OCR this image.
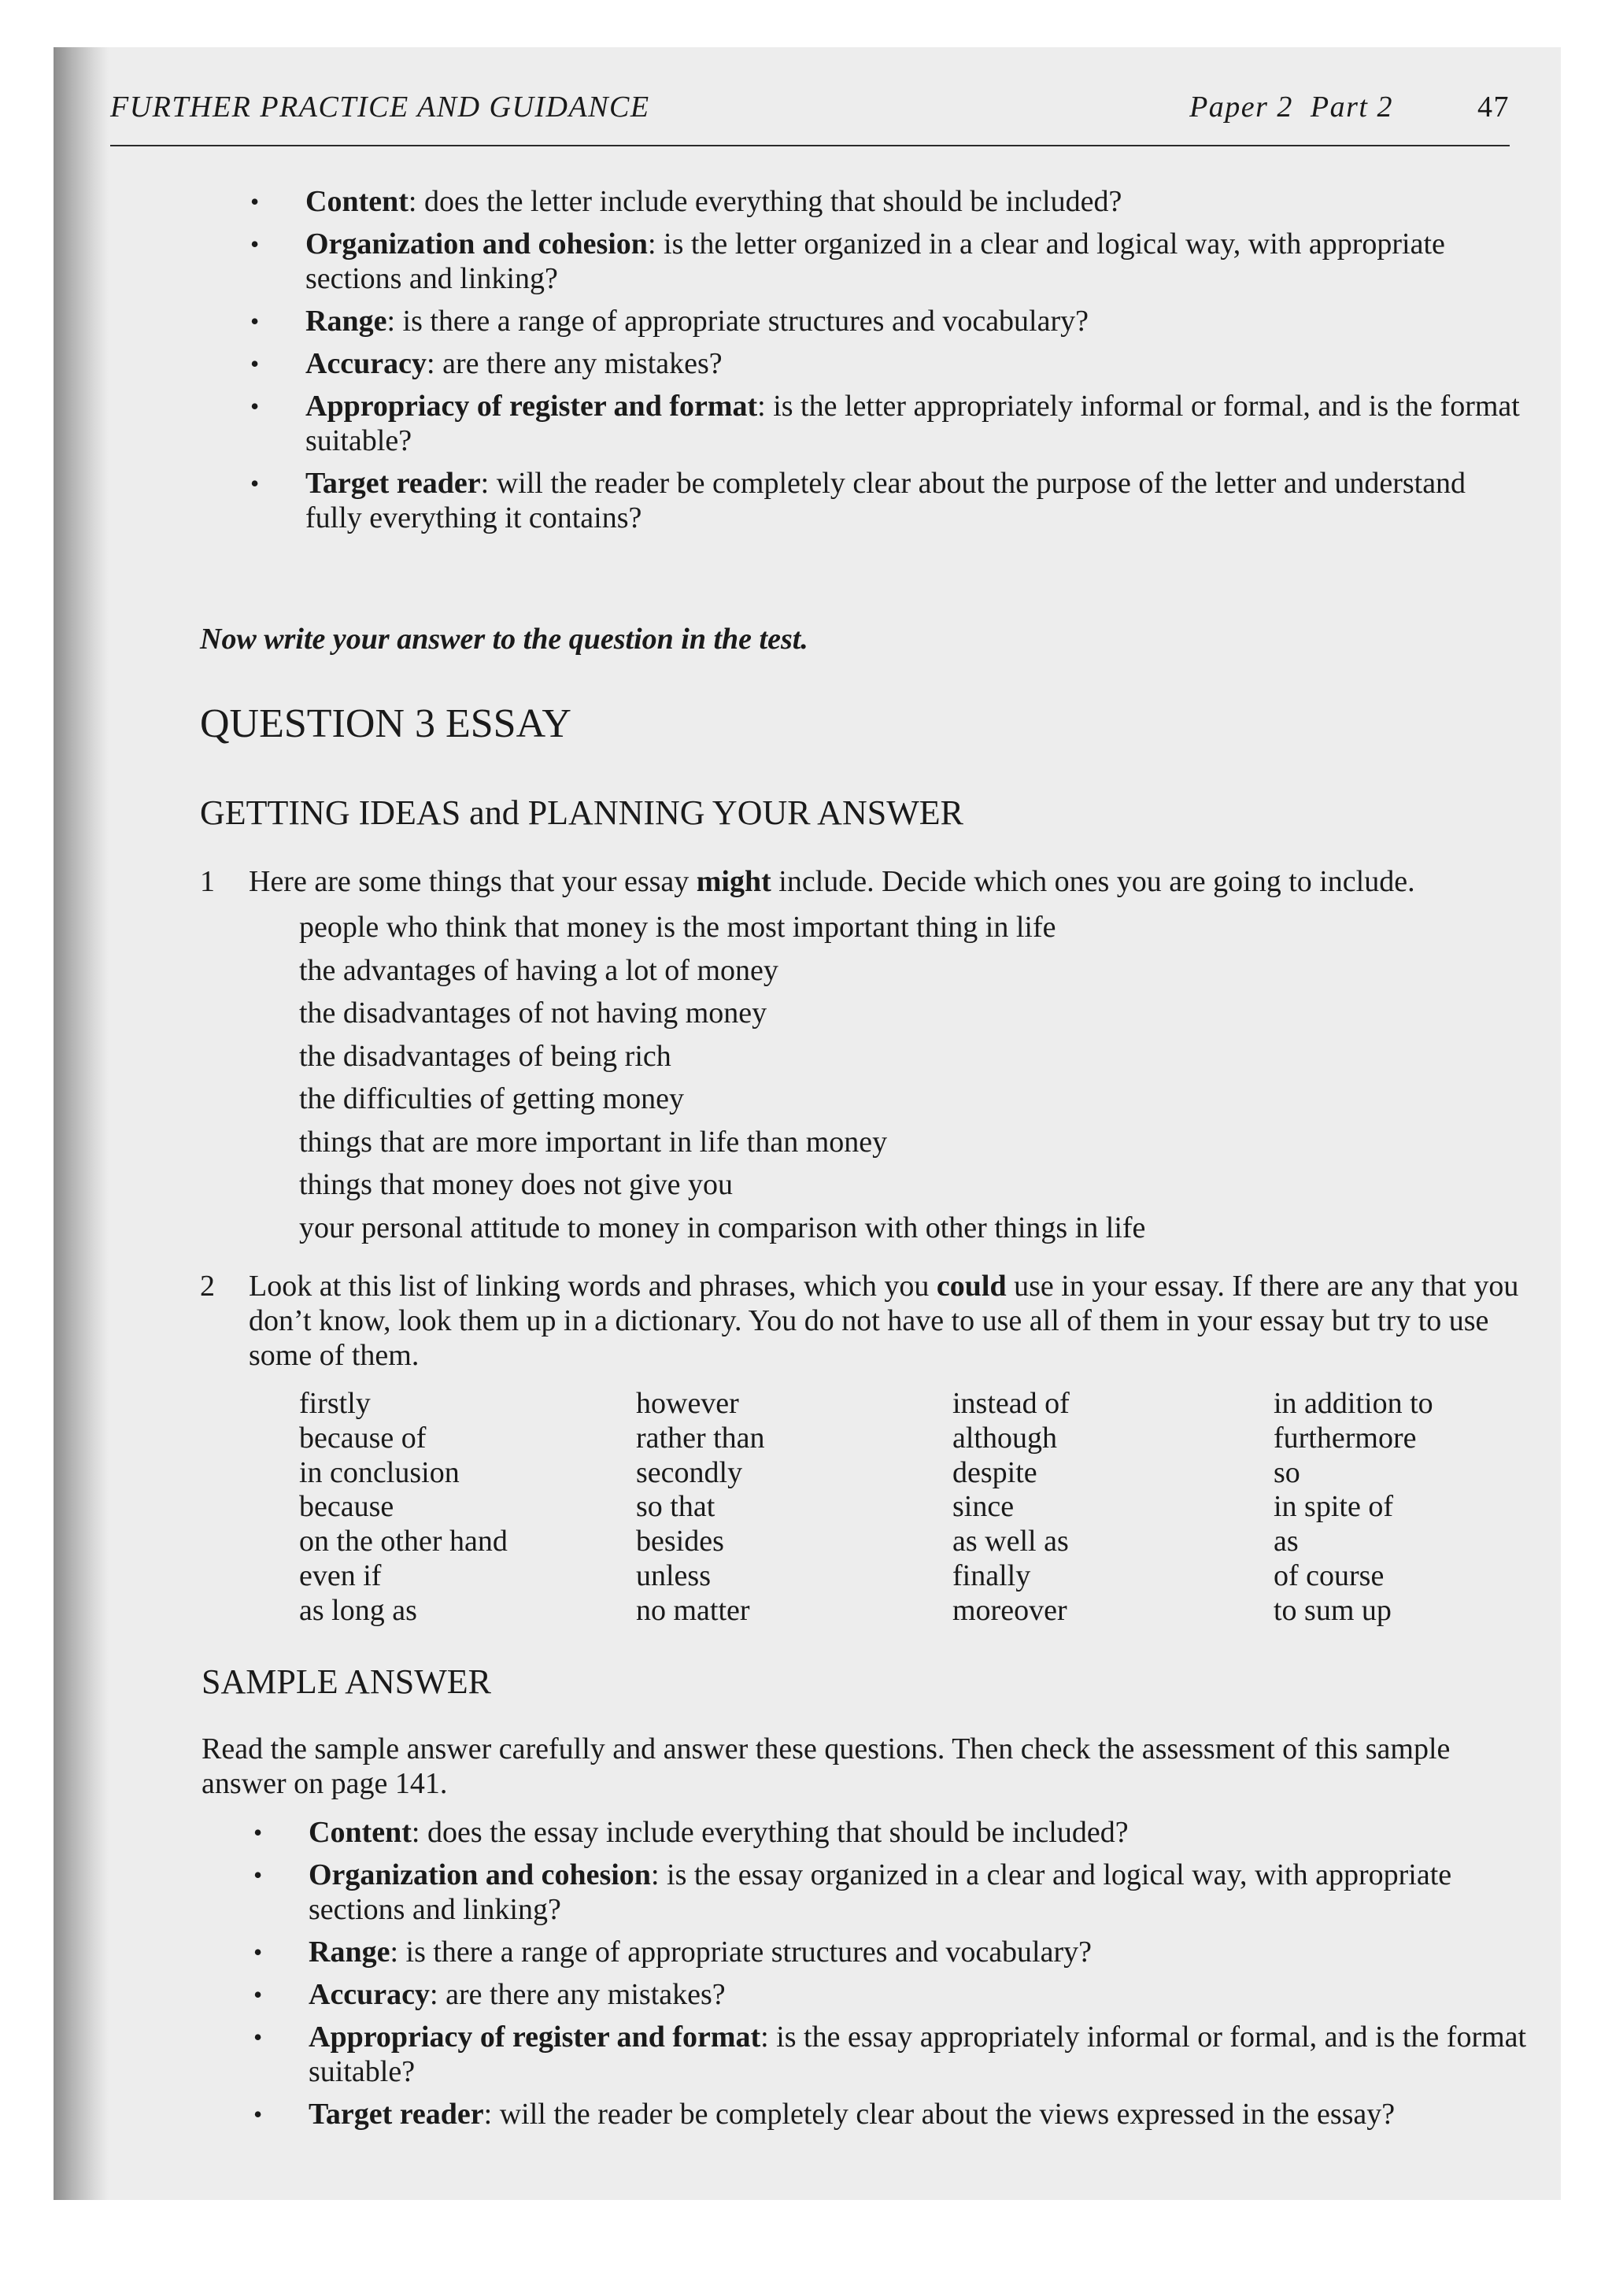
FURTHER PRACTICE AND GUIDANCE	Paper 2  Part 2	47
• Content: does the letter include everything that should be included?
• Organization and cohesion: is the letter organized in a clear and logical way, with appropriate sections and linking?
• Range: is there a range of appropriate structures and vocabulary?
• Accuracy: are there any mistakes?
• Appropriacy of register and format: is the letter appropriately informal or formal, and is the format suitable?
• Target reader: will the reader be completely clear about the purpose of the letter and understand fully everything it contains?
Now write your answer to the question in the test.
QUESTION 3 ESSAY
GETTING IDEAS and PLANNING YOUR ANSWER
1 Here are some things that your essay might include. Decide which ones you are going to include.
people who think that money is the most important thing in life
the advantages of having a lot of money
the disadvantages of not having money
the disadvantages of being rich
the difficulties of getting money
things that are more important in life than money
things that money does not give you
your personal attitude to money in comparison with other things in life
2 Look at this list of linking words and phrases, which you could use in your essay. If there are any that you don’t know, look them up in a dictionary. You do not have to use all of them in your essay but try to use some of them.
firstly
because of
in conclusion
because
on the other hand
even if
as long as
however
rather than
secondly
so that
besides
unless
no matter
instead of
although
despite
since
as well as
finally
moreover
in addition to
furthermore
so
in spite of
as
of course
to sum up
SAMPLE ANSWER

Read the sample answer carefully and answer these questions. Then check the assessment of this sample answer on page 141.

• Content: does the essay include everything that should be included?
• Organization and cohesion: is the essay organized in a clear and logical way, with appropriate sections and linking?
• Range: is there a range of appropriate structures and vocabulary?
• Accuracy: are there any mistakes?
• Appropriacy of register and format: is the essay appropriately informal or formal, and is the format suitable?
• Target reader: will the reader be completely clear about the views expressed in the essay?
